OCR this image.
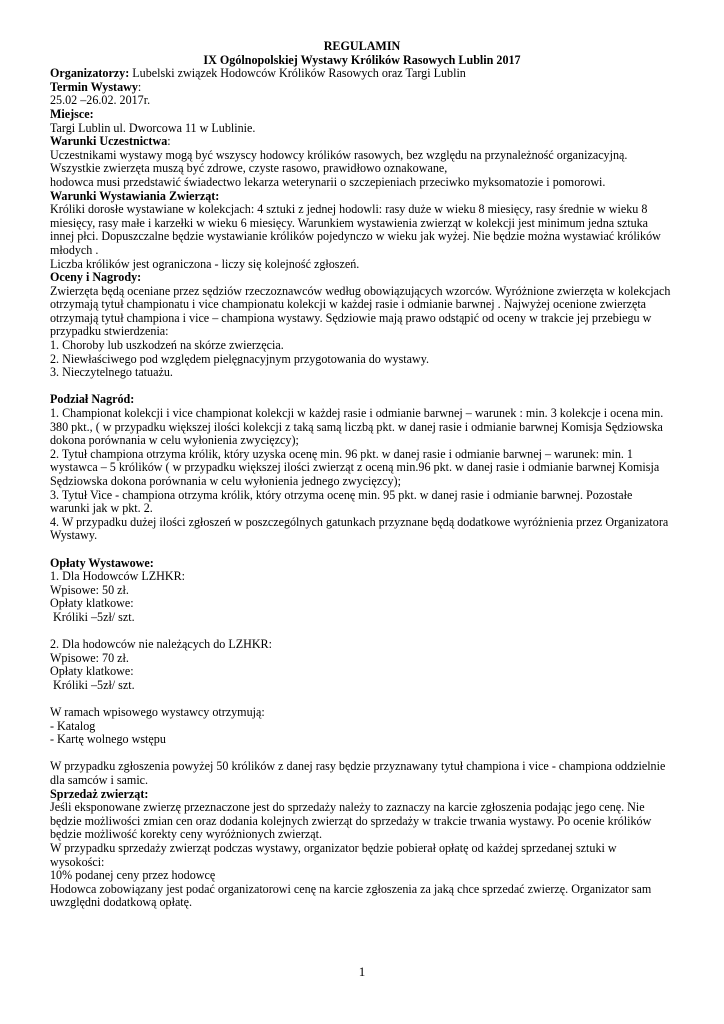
REGULAMIN
IX Ogólnopolskiej Wystawy Królików Rasowych Lublin 2017

Organizatorzy: Lubelski związek Hodowców Królików Rasowych oraz Targi Lublin

Termin Wystawy:

25.02 –26.02. 2017r.

Miejsce:

Targi Lublin ul. Dworcowa 11 w Lublinie.

Warunki Uczestnictwa:

Uczestnikami wystawy mogą być wszyscy hodowcy królików rasowych, bez względu na przynależność organizacyjną.

Wszystkie zwierzęta muszą być zdrowe, czyste rasowo, prawidłowo oznakowane,

hodowca musi przedstawić świadectwo lekarza weterynarii o szczepieniach przeciwko myksomatozie i pomorowi.

Warunki Wystawiania Zwierząt:

Króliki dorosłe wystawiane w kolekcjach: 4 sztuki z jednej hodowli: rasy duże w wieku 8 miesięcy, rasy średnie w wieku 8 miesięcy, rasy małe i karzełki w wieku 6 miesięcy. Warunkiem wystawienia zwierząt w kolekcji jest minimum jedna sztuka innej płci. Dopuszczalne będzie wystawianie królików pojedynczo w wieku jak wyżej. Nie będzie można wystawiać królików młodych .

Liczba królików jest ograniczona - liczy się kolejność zgłoszeń.

Oceny i Nagrody:

Zwierzęta będą oceniane przez sędziów rzeczoznawców według obowiązujących wzorców. Wyróżnione zwierzęta w kolekcjach otrzymają tytuł championatu i vice championatu kolekcji w każdej rasie i odmianie barwnej . Najwyżej ocenione zwierzęta otrzymają tytuł championa i vice – championa wystawy. Sędziowie mają prawo odstąpić od oceny w trakcie jej przebiegu w przypadku stwierdzenia:

1. Choroby lub uszkodzeń na skórze zwierzęcia.

2. Niewłaściwego pod względem pielęgnacyjnym przygotowania do wystawy.

3. Nieczytelnego tatuażu.

Podział Nagród:

1. Championat kolekcji i vice championat kolekcji w każdej rasie i odmianie barwnej – warunek : min. 3 kolekcje i ocena min. 380 pkt., ( w przypadku większej ilości kolekcji z taką samą liczbą pkt. w danej rasie i odmianie barwnej Komisja Sędziowska dokona porównania w celu wyłonienia zwycięzcy);

2. Tytuł championa otrzyma królik, który uzyska ocenę min. 96 pkt. w danej rasie i odmianie barwnej – warunek: min. 1 wystawca – 5 królików ( w przypadku większej ilości zwierząt z oceną min.96 pkt. w danej rasie i odmianie barwnej Komisja Sędziowska dokona porównania w celu wyłonienia jednego zwycięzcy);

3. Tytuł Vice - championa otrzyma królik, który otrzyma ocenę min. 95 pkt. w danej rasie i odmianie barwnej. Pozostałe warunki jak w pkt. 2.

4. W przypadku dużej ilości zgłoszeń w poszczególnych gatunkach przyznane będą dodatkowe wyróżnienia przez Organizatora Wystawy.

Opłaty Wystawowe:

1. Dla Hodowców LZHKR:

Wpisowe: 50 zł.

Opłaty klatkowe:

Króliki –5zł/ szt.

2. Dla hodowców nie należących do LZHKR:

Wpisowe: 70 zł.

Opłaty klatkowe:

Króliki –5zł/ szt.

W ramach wpisowego wystawcy otrzymują:

- Katalog

- Kartę wolnego wstępu

W przypadku zgłoszenia powyżej 50 królików z danej rasy będzie przyznawany tytuł championa i vice - championa oddzielnie dla samców i samic.

Sprzedaż zwierząt:

Jeśli eksponowane zwierzę przeznaczone jest do sprzedaży należy to zaznaczy na karcie zgłoszenia podając jego cenę. Nie będzie możliwości zmian cen oraz dodania kolejnych zwierząt do sprzedaży w trakcie trwania wystawy. Po ocenie królików będzie możliwość korekty ceny wyróżnionych zwierząt.

W przypadku sprzedaży zwierząt podczas wystawy, organizator będzie pobierał opłatę od każdej sprzedanej sztuki w wysokości:

10% podanej ceny przez hodowcę

Hodowca zobowiązany jest podać organizatorowi cenę na karcie zgłoszenia za jaką chce sprzedać zwierzę. Organizator sam uwzględni dodatkową opłatę.

1
